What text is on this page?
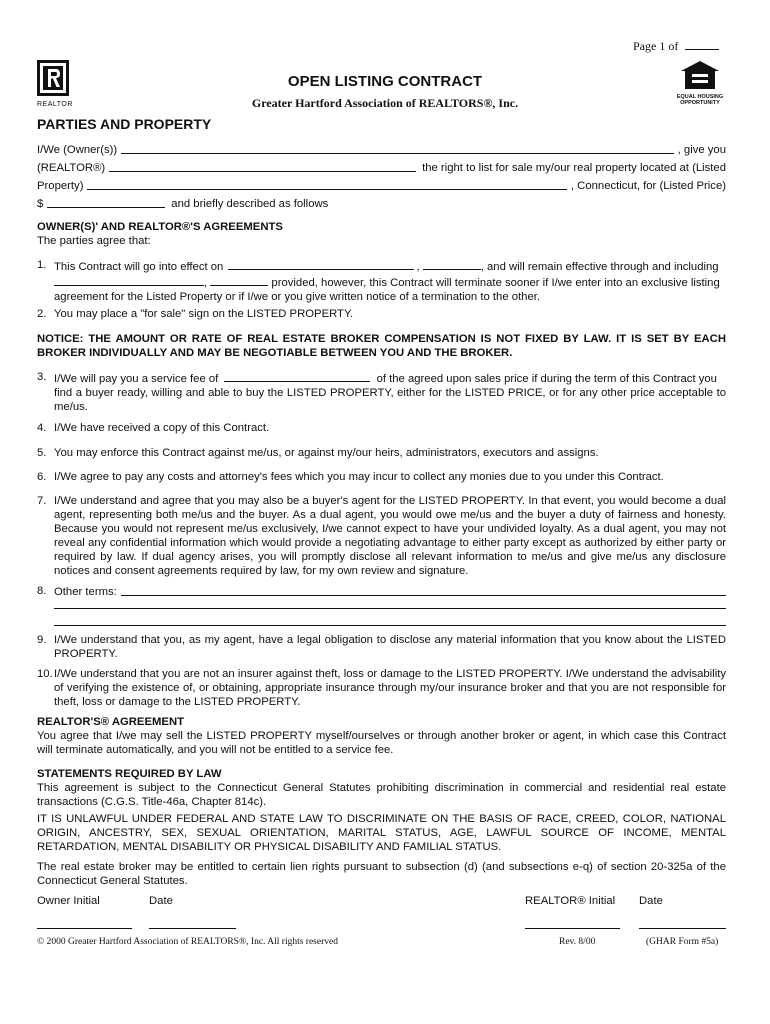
Page 1 of
REALTOR
OPEN LISTING CONTRACT
Greater Hartford Association of REALTORS®, Inc.	EQUAL HOUSING
OPPORTUNITY
PARTIES AND PROPERTY
I/We (Owner(s))	, give you
(REALTOR®)	the right to list for sale my/our real property located at (Listed
Property)	, Connecticut, for (Listed Price)
$	and briefly described as follows
OWNER(S)' AND REALTOR®'S AGREEMENTS
The parties agree that:
1. This Contract will go into effect on	,	, and will remain effective through and including
,	provided, however, this Contract will terminate sooner if I/we enter into an exclusive listing
agreement for the Listed Property or if I/we or you give written notice of a termination to the other.
2. You may place a "for sale" sign on the LISTED PROPERTY.
NOTICE: THE AMOUNT OR RATE OF REAL ESTATE BROKER COMPENSATION IS NOT FIXED BY LAW. IT IS SET BY EACH BROKER INDIVIDUALLY AND MAY BE NEGOTIABLE BETWEEN YOU AND THE BROKER.
3. I/We will pay you a service fee of	of the agreed upon sales price if during the term of this Contract you
find a buyer ready, willing and able to buy the LISTED PROPERTY, either for the LISTED PRICE, or for any other price acceptable to me/us.
4. I/We have received a copy of this Contract.
5. You may enforce this Contract against me/us, or against my/our heirs, administrators, executors and assigns.
6. I/We agree to pay any costs and attorney's fees which you may incur to collect any monies due to you under this Contract.
7. I/We understand and agree that you may also be a buyer's agent for the LISTED PROPERTY. In that event, you would become a dual agent, representing both me/us and the buyer. As a dual agent, you would owe me/us and the buyer a duty of fairness and honesty. Because you would not represent me/us exclusively, I/we cannot expect to have your undivided loyalty. As a dual agent, you may not reveal any confidential information which would provide a negotiating advantage to either party except as authorized by either party or required by law. If dual agency arises, you will promptly disclose all relevant information to me/us and give me/us any disclosure notices and consent agreements required by law, for my own review and signature.
8. Other terms:
9. I/We understand that you, as my agent, have a legal obligation to disclose any material information that you know about the LISTED PROPERTY.
10. I/We understand that you are not an insurer against theft, loss or damage to the LISTED PROPERTY. I/We understand the advisability of verifying the existence of, or obtaining, appropriate insurance through my/our insurance broker and that you are not responsible for theft, loss or damage to the LISTED PROPERTY.
REALTOR'S® AGREEMENT
You agree that I/we may sell the LISTED PROPERTY myself/ourselves or through another broker or agent, in which case this Contract will terminate automatically, and you will not be entitled to a service fee.
STATEMENTS REQUIRED BY LAW
This agreement is subject to the Connecticut General Statutes prohibiting discrimination in commercial and residential real estate transactions (C.G.S. Title-46a, Chapter 814c).
IT IS UNLAWFUL UNDER FEDERAL AND STATE LAW TO DISCRIMINATE ON THE BASIS OF RACE, CREED, COLOR, NATIONAL ORIGIN, ANCESTRY, SEX, SEXUAL ORIENTATION, MARITAL STATUS, AGE, LAWFUL SOURCE OF INCOME, MENTAL RETARDATION, MENTAL DISABILITY OR PHYSICAL DISABILITY AND FAMILIAL STATUS.
The real estate broker may be entitled to certain lien rights pursuant to subsection (d) (and subsections e-q) of section 20-325a of the Connecticut General Statutes.
Owner Initial	Date	REALTOR® Initial Date
© 2000 Greater Hartford Association of REALTORS®, Inc. All rights reserved	Rev. 8/00	(GHAR Form #5a)
